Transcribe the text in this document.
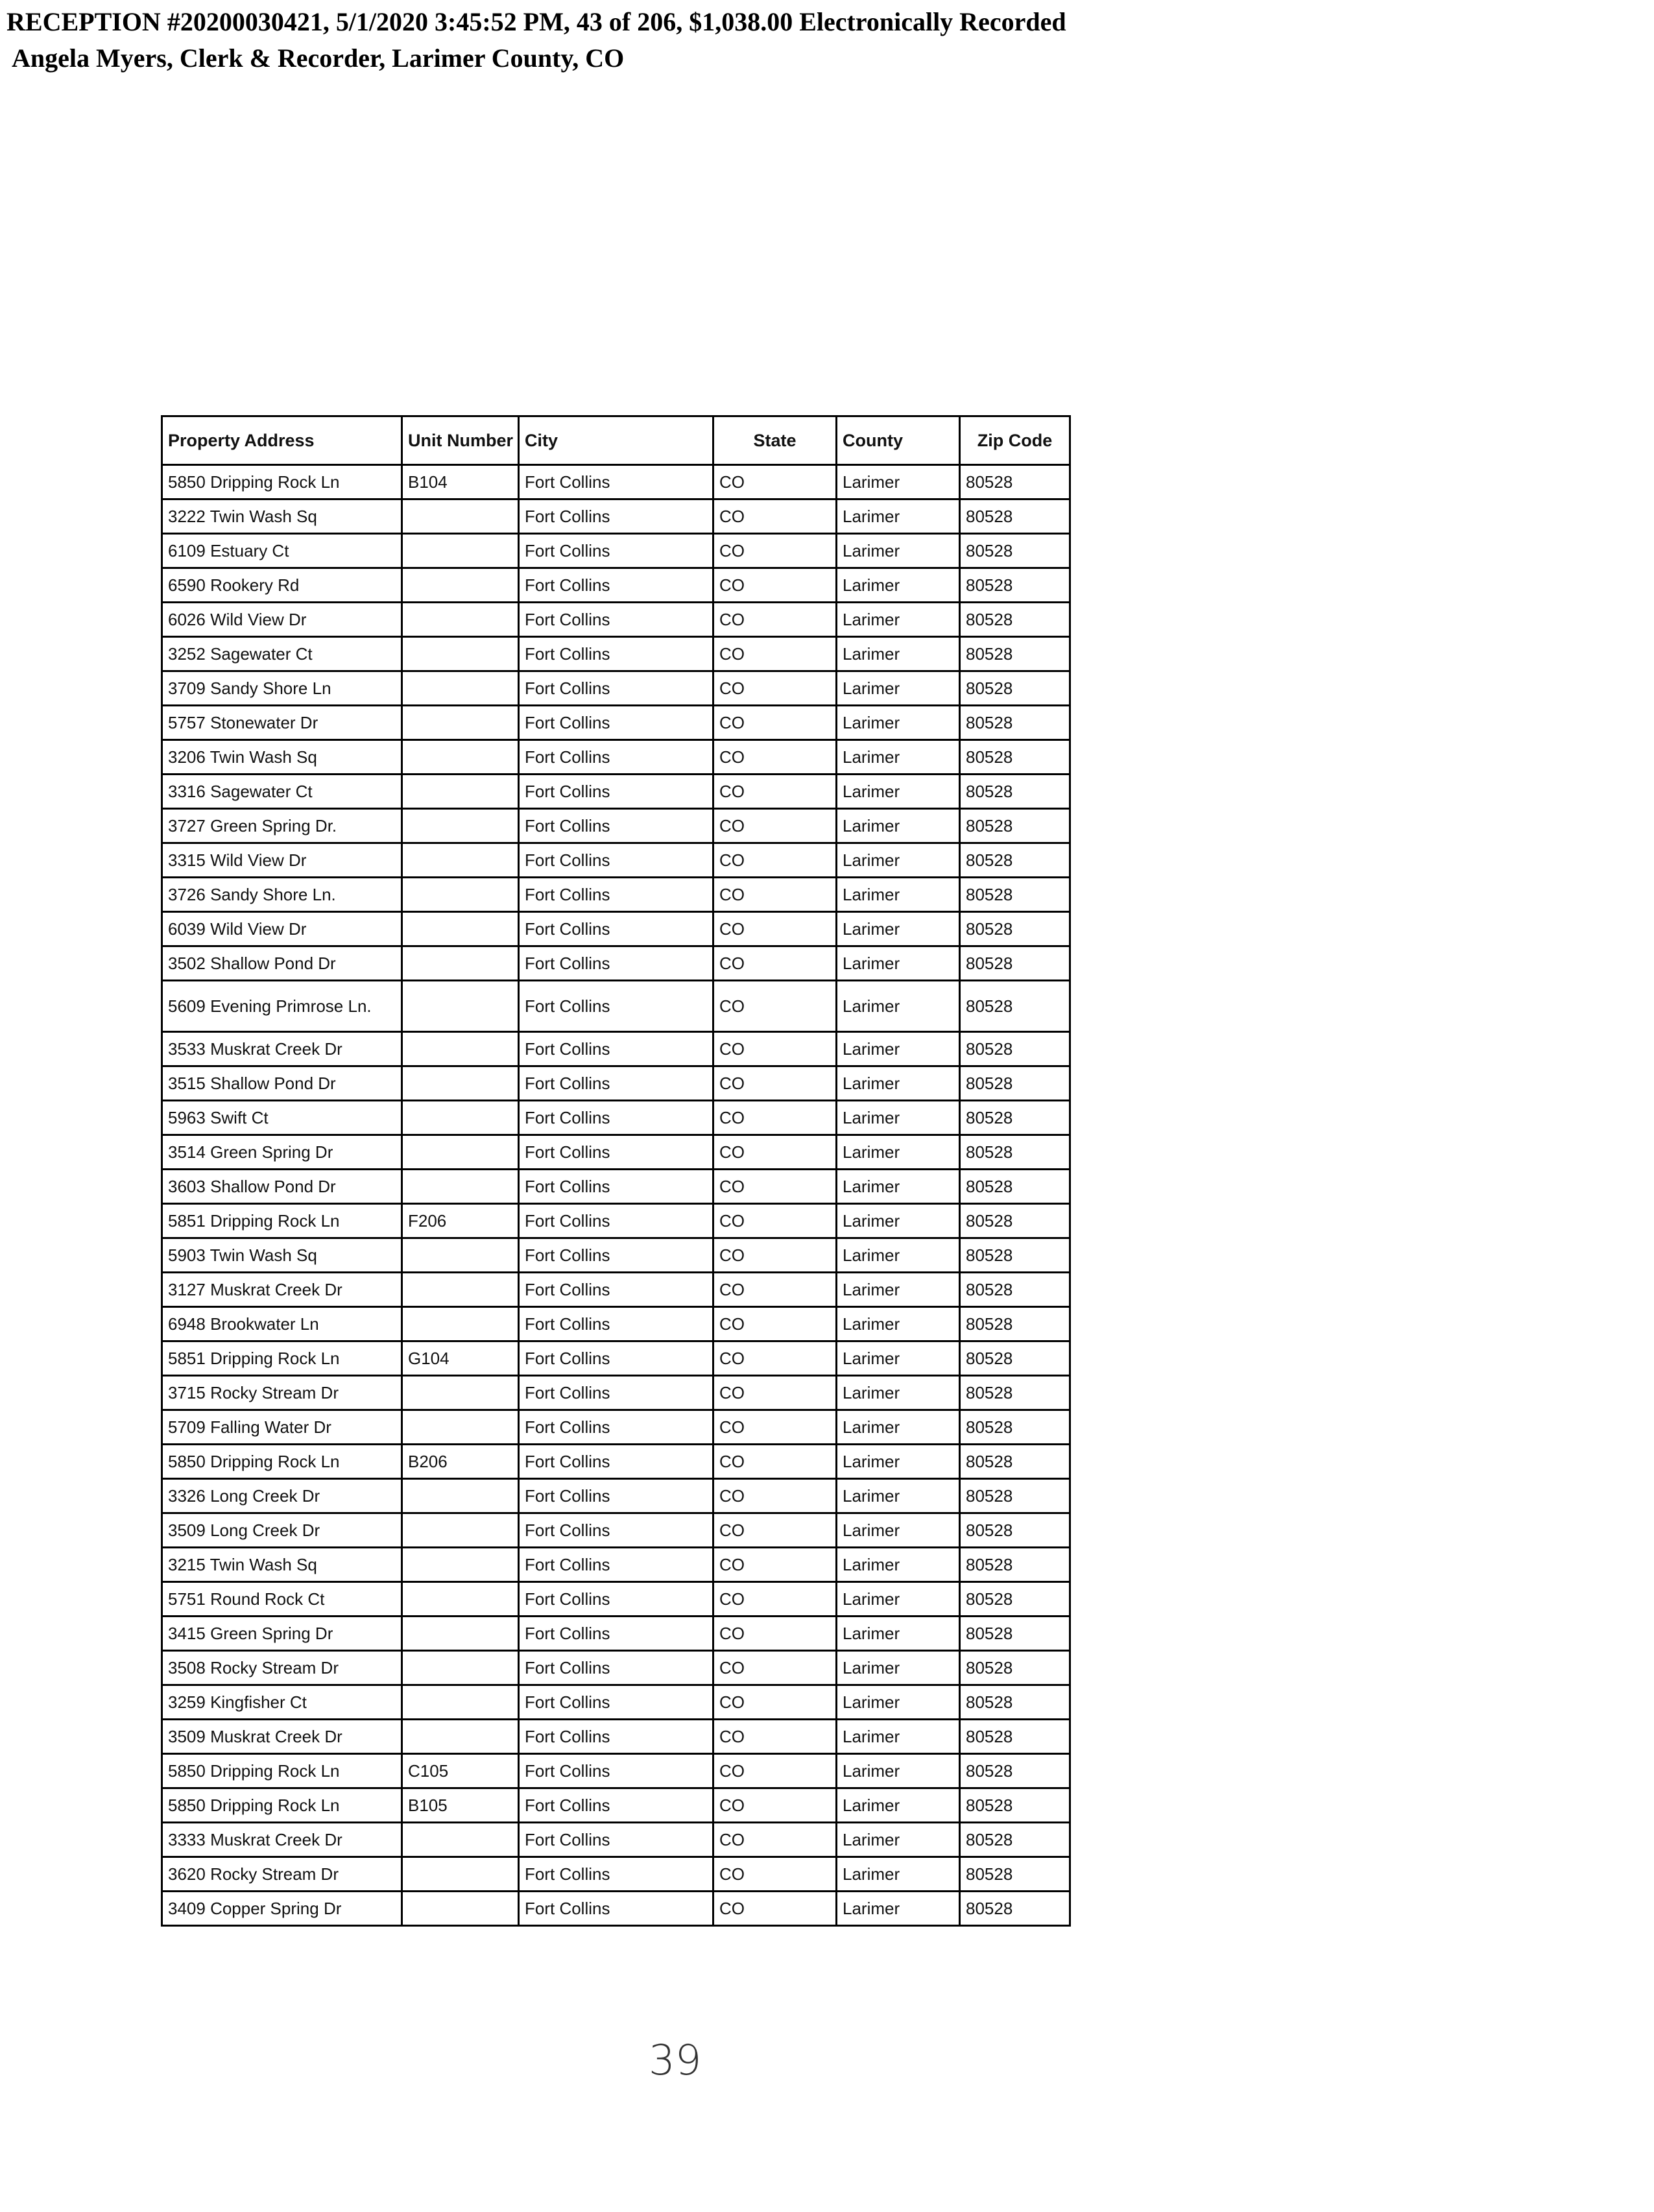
RECEPTION #20200030421, 5/1/2020 3:45:52 PM, 43 of 206, $1,038.00 Electronically Recorded
Angela Myers, Clerk & Recorder, Larimer County, CO
Property Address	Unit Number	City	State	County	Zip Code
5850 Dripping Rock Ln	B104	Fort Collins	CO	Larimer	80528
3222 Twin Wash Sq		Fort Collins	CO	Larimer	80528
6109 Estuary Ct		Fort Collins	CO	Larimer	80528
6590 Rookery Rd		Fort Collins	CO	Larimer	80528
6026 Wild View Dr		Fort Collins	CO	Larimer	80528
3252 Sagewater Ct		Fort Collins	CO	Larimer	80528
3709 Sandy Shore Ln		Fort Collins	CO	Larimer	80528
5757 Stonewater Dr		Fort Collins	CO	Larimer	80528
3206 Twin Wash Sq		Fort Collins	CO	Larimer	80528
3316 Sagewater Ct		Fort Collins	CO	Larimer	80528
3727 Green Spring Dr.		Fort Collins	CO	Larimer	80528
3315 Wild View Dr		Fort Collins	CO	Larimer	80528
3726 Sandy Shore Ln.		Fort Collins	CO	Larimer	80528
6039 Wild View Dr		Fort Collins	CO	Larimer	80528
3502 Shallow Pond Dr		Fort Collins	CO	Larimer	80528
5609 Evening Primrose Ln.		Fort Collins	CO	Larimer	80528
3533 Muskrat Creek Dr		Fort Collins	CO	Larimer	80528
3515 Shallow Pond Dr		Fort Collins	CO	Larimer	80528
5963 Swift Ct		Fort Collins	CO	Larimer	80528
3514 Green Spring Dr		Fort Collins	CO	Larimer	80528
3603 Shallow Pond Dr		Fort Collins	CO	Larimer	80528
5851 Dripping Rock Ln	F206	Fort Collins	CO	Larimer	80528
5903 Twin Wash Sq		Fort Collins	CO	Larimer	80528
3127 Muskrat Creek Dr		Fort Collins	CO	Larimer	80528
6948 Brookwater Ln		Fort Collins	CO	Larimer	80528
5851 Dripping Rock Ln	G104	Fort Collins	CO	Larimer	80528
3715 Rocky Stream Dr		Fort Collins	CO	Larimer	80528
5709 Falling Water Dr		Fort Collins	CO	Larimer	80528
5850 Dripping Rock Ln	B206	Fort Collins	CO	Larimer	80528
3326 Long Creek Dr		Fort Collins	CO	Larimer	80528
3509 Long Creek Dr		Fort Collins	CO	Larimer	80528
3215 Twin Wash Sq		Fort Collins	CO	Larimer	80528
5751 Round Rock Ct		Fort Collins	CO	Larimer	80528
3415 Green Spring Dr		Fort Collins	CO	Larimer	80528
3508 Rocky Stream Dr		Fort Collins	CO	Larimer	80528
3259 Kingfisher Ct		Fort Collins	CO	Larimer	80528
3509 Muskrat Creek Dr		Fort Collins	CO	Larimer	80528
5850 Dripping Rock Ln	C105	Fort Collins	CO	Larimer	80528
5850 Dripping Rock Ln	B105	Fort Collins	CO	Larimer	80528
3333 Muskrat Creek Dr		Fort Collins	CO	Larimer	80528
3620 Rocky Stream Dr		Fort Collins	CO	Larimer	80528
3409 Copper Spring Dr		Fort Collins	CO	Larimer	80528
39
